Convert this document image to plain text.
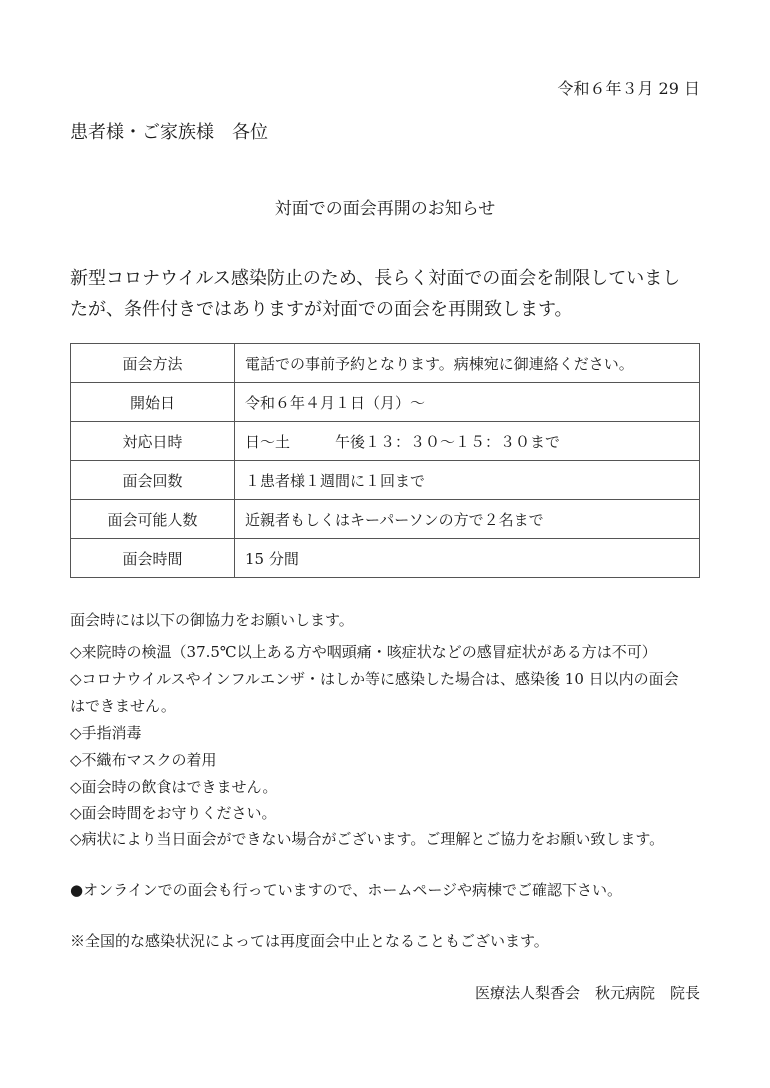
令和６年３月 29 日
患者様・ご家族様　各位
対面での面会再開のお知らせ
新型コロナウイルス感染防止のため、長らく対面での面会を制限していまし
たが、条件付きではありますが対面での面会を再開致します。
面会方法	電話での事前予約となります。病棟宛に御連絡ください。
開始日	令和６年４月１日（月）〜
対応日時	日〜土　　　午後１３：３０〜１５：３０まで
面会回数	１患者様１週間に１回まで
面会可能人数	近親者もしくはキーパーソンの方で２名まで
面会時間	15 分間
面会時には以下の御協力をお願いします。
◇来院時の検温（37.5℃以上ある方や咽頭痛・咳症状などの感冒症状がある方は不可）
◇コロナウイルスやインフルエンザ・はしか等に感染した場合は、感染後 10 日以内の面会
はできません。
◇手指消毒
◇不織布マスクの着用
◇面会時の飲食はできません。
◇面会時間をお守りください。
◇病状により当日面会ができない場合がございます。ご理解とご協力をお願い致します。
●オンラインでの面会も行っていますので、ホームページや病棟でご確認下さい。
※全国的な感染状況によっては再度面会中止となることもございます。
医療法人梨香会　秋元病院　院長
